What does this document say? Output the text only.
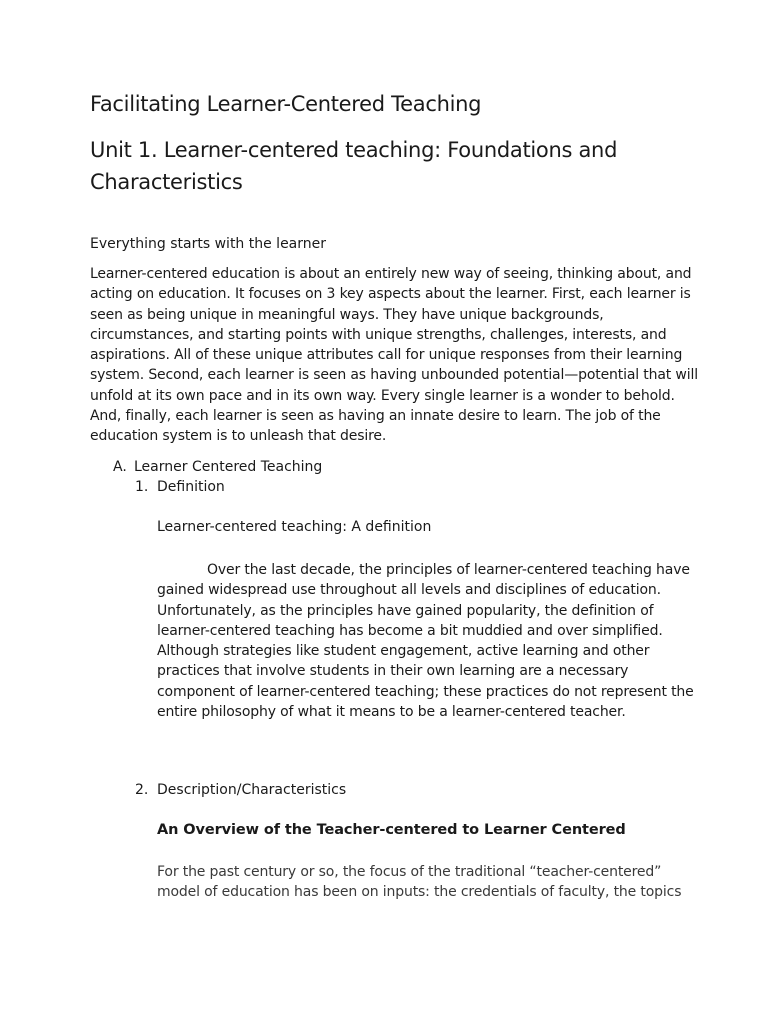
Facilitating Learner-Centered Teaching
Unit 1. Learner-centered teaching: Foundations and Characteristics

Everything starts with the learner

Learner-centered education is about an entirely new way of seeing, thinking about, and
acting on education. It focuses on 3 key aspects about the learner. First, each learner is
seen as being unique in meaningful ways. They have unique backgrounds,
circumstances, and starting points with unique strengths, challenges, interests, and
aspirations. All of these unique attributes call for unique responses from their learning
system. Second, each learner is seen as having unbounded potential—potential that will
unfold at its own pace and in its own way. Every single learner is a wonder to behold.
And, finally, each learner is seen as having an innate desire to learn. The job of the
education system is to unleash that desire.

A. Learner Centered Teaching
1. Definition

Learner-centered teaching: A definition

Over the last decade, the principles of learner-centered teaching have
gained widespread use throughout all levels and disciplines of education.
Unfortunately, as the principles have gained popularity, the definition of
learner-centered teaching has become a bit muddied and over simplified.
Although strategies like student engagement, active learning and other
practices that involve students in their own learning are a necessary
component of learner-centered teaching; these practices do not represent the
entire philosophy of what it means to be a learner-centered teacher.

2. Description/Characteristics

An Overview of the Teacher-centered to Learner Centered

For the past century or so, the focus of the traditional “teacher-centered”
model of education has been on inputs: the credentials of faculty, the topics
